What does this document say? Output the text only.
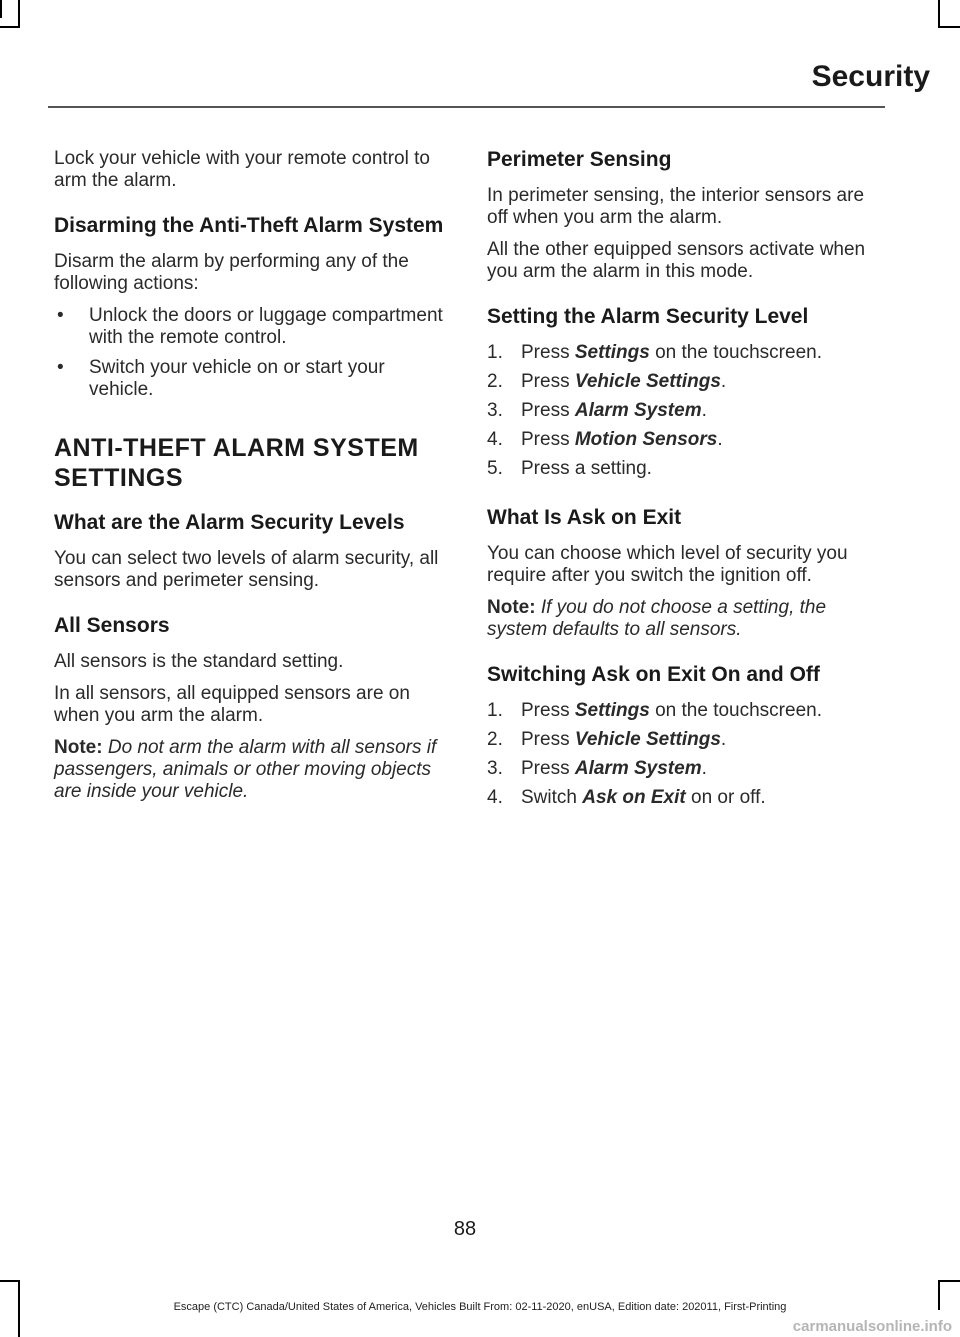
Security

Lock your vehicle with your remote control to arm the alarm.

Disarming the Anti-Theft Alarm System

Disarm the alarm by performing any of the following actions:

• Unlock the doors or luggage compartment with the remote control.
• Switch your vehicle on or start your vehicle.
ANTI-THEFT ALARM SYSTEM
SETTINGS
What are the Alarm Security Levels

You can select two levels of alarm security, all sensors and perimeter sensing.

All Sensors

All sensors is the standard setting.

In all sensors, all equipped sensors are on when you arm the alarm.

Note: Do not arm the alarm with all sensors if passengers, animals or other moving objects are inside your vehicle.

Perimeter Sensing

In perimeter sensing, the interior sensors are off when you arm the alarm.

All the other equipped sensors activate when you arm the alarm in this mode.

Setting the Alarm Security Level
1. Press Settings on the touchscreen.
2. Press Vehicle Settings.
3. Press Alarm System.
4. Press Motion Sensors.
5. Press a setting.
What Is Ask on Exit

You can choose which level of security you require after you switch the ignition off.

Note: If you do not choose a setting, the system defaults to all sensors.

Switching Ask on Exit On and Off
1. Press Settings on the touchscreen.
2. Press Vehicle Settings.
3. Press Alarm System.
4. Switch Ask on Exit on or off.
88
Escape (CTC) Canada/United States of America, Vehicles Built From: 02-11-2020, enUSA, Edition date: 202011, First-Printing
carmanualsonline.info
